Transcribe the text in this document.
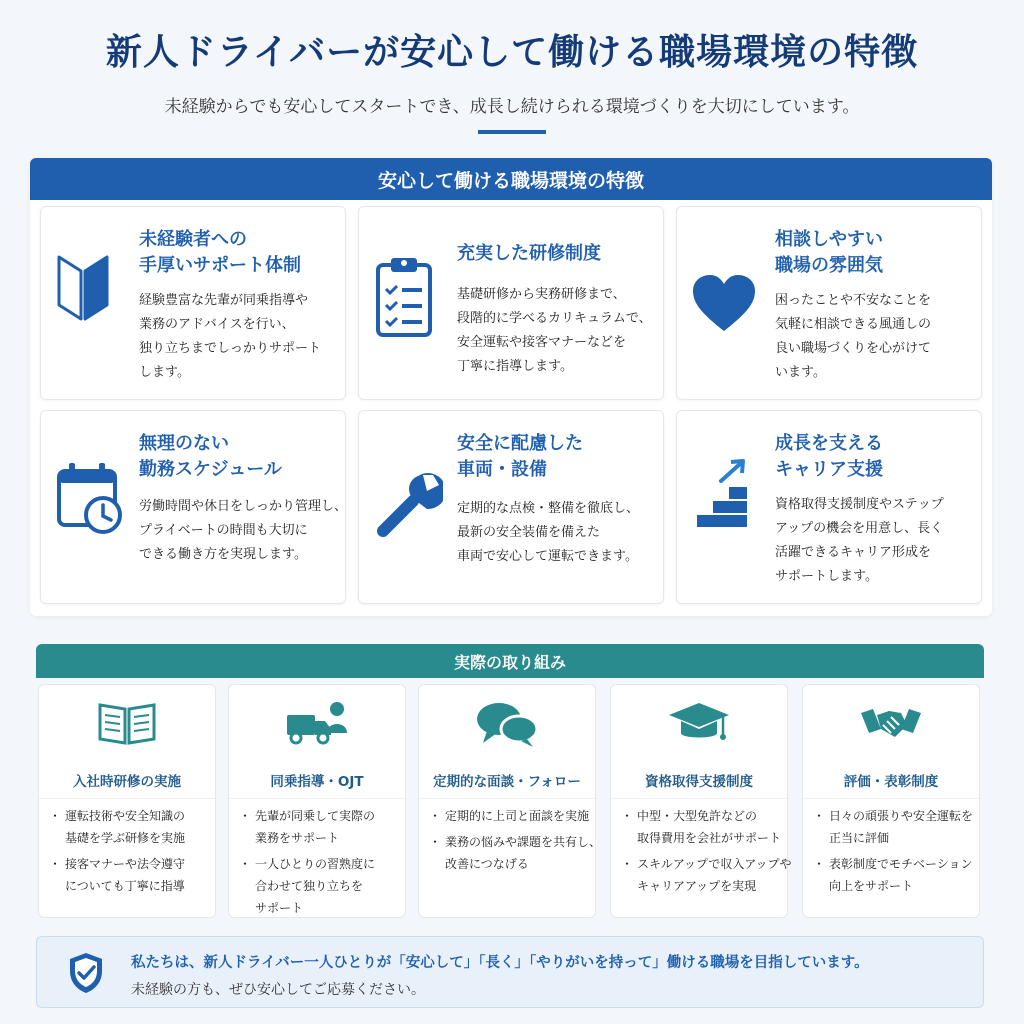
新人ドライバーが安心して働ける職場環境の特徴
未経験からでも安心してスタートでき、成長し続けられる環境づくりを大切にしています。
安心して働ける職場環境の特徴
未経験者への
手厚いサポート体制
経験豊富な先輩が同乗指導や
業務のアドバイスを行い、
独り立ちまでしっかりサポート
します。
充実した研修制度
基礎研修から実務研修まで、
段階的に学べるカリキュラムで、
安全運転や接客マナーなどを
丁寧に指導します。
相談しやすい
職場の雰囲気
困ったことや不安なことを
気軽に相談できる風通しの
良い職場づくりを心がけて
います。
無理のない
勤務スケジュール
労働時間や休日をしっかり管理し、
プライベートの時間も大切に
できる働き方を実現します。
安全に配慮した
車両・設備
定期的な点検・整備を徹底し、
最新の安全装備を備えた
車両で安心して運転できます。
成長を支える
キャリア支援
資格取得支援制度やステップ
アップの機会を用意し、長く
活躍できるキャリア形成を
サポートします。
実際の取り組み
入社時研修の実施
・ 運転技術や安全知識の
基礎を学ぶ研修を実施
・ 接客マナーや法令遵守
についても丁寧に指導
同乗指導・OJT
・ 先輩が同乗して実際の
業務をサポート
・ 一人ひとりの習熟度に
合わせて独り立ちを
サポート
定期的な面談・フォロー
・ 定期的に上司と面談を実施
・ 業務の悩みや課題を共有し、
改善につなげる
資格取得支援制度
・ 中型・大型免許などの
取得費用を会社がサポート
・ スキルアップで収入アップや
キャリアアップを実現
評価・表彰制度
・ 日々の頑張りや安全運転を
正当に評価
・ 表彰制度でモチベーション
向上をサポート
私たちは、新人ドライバー一人ひとりが「安心して」「長く」「やりがいを持って」働ける職場を目指しています。
未経験の方も、ぜひ安心してご応募ください。
